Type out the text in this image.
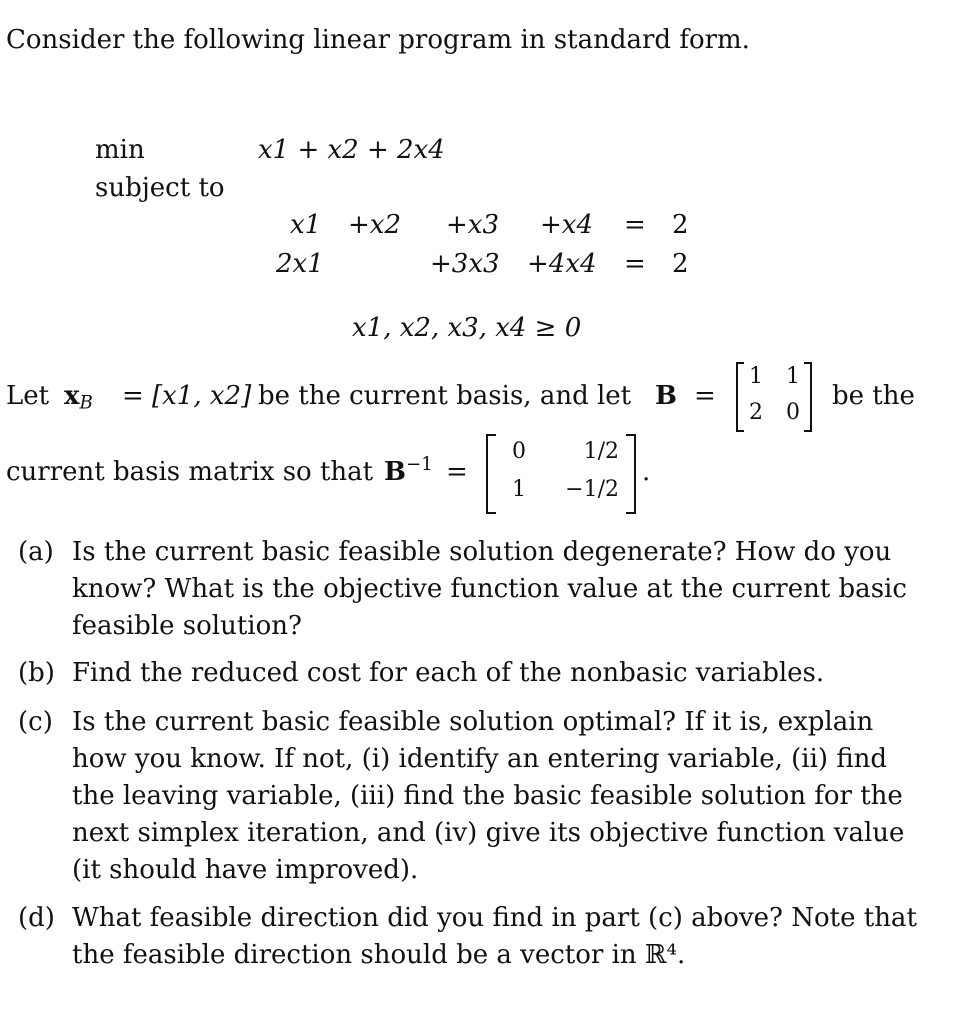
Consider the following linear program in standard form.
min	x1 + x2 + 2x4
subject to
x1 +x2 +x3 +x4 = 2
2x1	+3x3 +4x4 = 2
x1, x2, x3, x4 ≥ 0
Let $x_B = [x1$, x2] be the current basis, and let B =
1 1
2 0
be the
current basis matrix so that $B^{-1}$ =
0	1/2
1	−1/2
.
(a) Is the current basic feasible solution degenerate? How do you know? What is the objective function value at the current basic feasible solution?
(b) Find the reduced cost for each of the nonbasic variables.
(c) Is the current basic feasible solution optimal? If it is, explain how you know. If not, (i) identify an entering variable, (ii) find the leaving variable, (iii) find the basic feasible solution for the next simplex iteration, and (iv) give its objective function value (it should have improved).
(d) What feasible direction did you find in part (c) above? Note that the feasible direction should be a vector in ℝ⁴.
